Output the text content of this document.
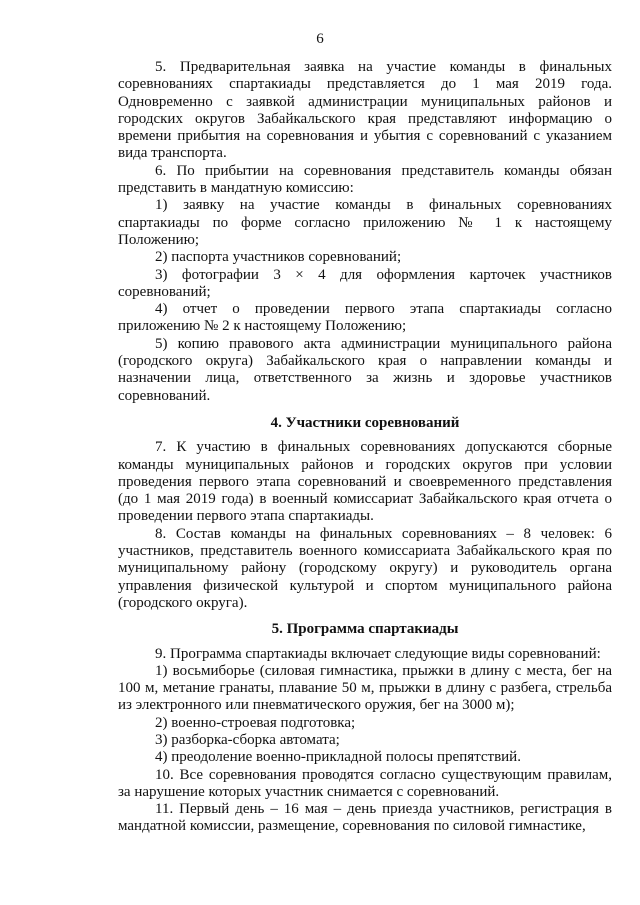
6

5. Предварительная заявка на участие команды в финальных соревнованиях спартакиады представляется до 1 мая 2019 года. Одновременно с заявкой администрации муниципальных районов и городских округов Забайкальского края представляют информацию о времени прибытия на соревнования и убытия с соревнований с указанием вида транспорта.

6. По прибытии на соревнования представитель команды обязан представить в мандатную комиссию:

1) заявку на участие команды в финальных соревнованиях спартакиады по форме согласно приложению № 1 к настоящему Положению;

2) паспорта участников соревнований;

3) фотографии 3 × 4 для оформления карточек участников соревнований;

4) отчет о проведении первого этапа спартакиады согласно приложению № 2 к настоящему Положению;

5) копию правового акта администрации муниципального района (городского округа) Забайкальского края о направлении команды и назначении лица, ответственного за жизнь и здоровье участников соревнований.

4. Участники соревнований

7. К участию в финальных соревнованиях допускаются сборные команды муниципальных районов и городских округов при условии проведения первого этапа соревнований и своевременного представления (до 1 мая 2019 года) в военный комиссариат Забайкальского края отчета о проведении первого этапа спартакиады.

8. Состав команды на финальных соревнованиях – 8 человек: 6 участников, представитель военного комиссариата Забайкальского края по муниципальному району (городскому округу) и руководитель органа управления физической культурой и спортом муниципального района (городского округа).

5. Программа спартакиады

9. Программа спартакиады включает следующие виды соревнований:

1) восьмиборье (силовая гимнастика, прыжки в длину с места, бег на 100 м, метание гранаты, плавание 50 м, прыжки в длину с разбега, стрельба из электронного или пневматического оружия, бег на 3000 м);

2) военно-строевая подготовка;

3) разборка-сборка автомата;

4) преодоление военно-прикладной полосы препятствий.

10. Все соревнования проводятся согласно существующим правилам, за нарушение которых участник снимается с соревнований.

11. Первый день – 16 мая – день приезда участников, регистрация в мандатной комиссии, размещение, соревнования по силовой гимнастике,
